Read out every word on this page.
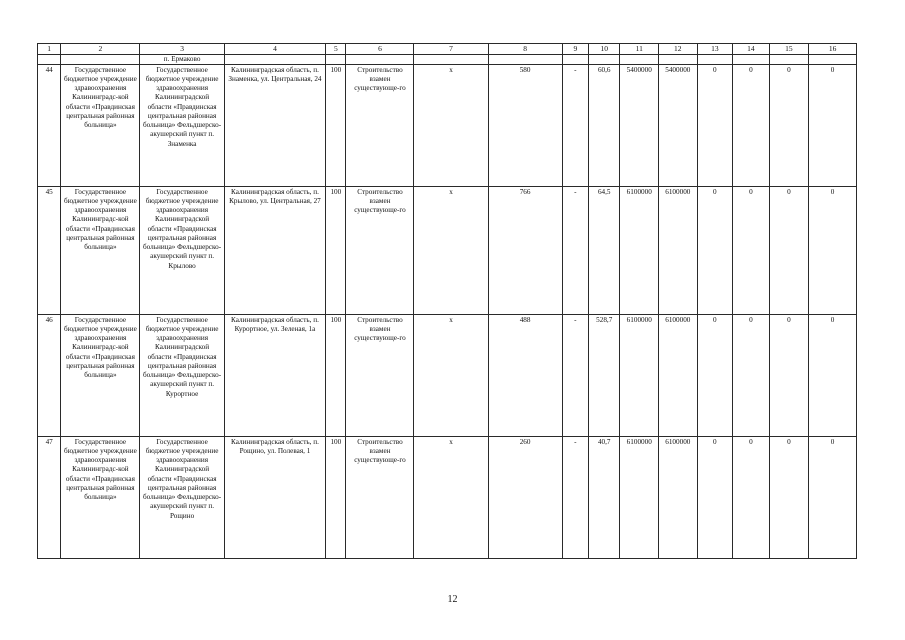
1	2	3	4	5	6	7	8	9	10	11	12	13	14	15	16
		п. Ермаково													
44	Государственное бюджетное учреждение здравоохранения Калининградс-кой области «Правдинская центральная районная больница»	Государственное бюджетное учреждение здравоохранения Калининградской области «Правдинская центральная районная больница» Фельдшерско-акушерский пункт п. Знаменка	Калининградская область, п. Знаменка, ул. Центральная, 24	100	Строительство взамен существующе-го	х	580	-	60,6	5400000	5400000	0	0	0	0
45	Государственное бюджетное учреждение здравоохранения Калининградс-кой области «Правдинская центральная районная больница»	Государственное бюджетное учреждение здравоохранения Калининградской области «Правдинская центральная районная больница» Фельдшерско-акушерский пункт п. Крылово	Калининградская область, п. Крылово, ул. Центральная, 27	100	Строительство взамен существующе-го	х	766	-	64,5	6100000	6100000	0	0	0	0
46	Государственное бюджетное учреждение здравоохранения Калининградс-кой области «Правдинская центральная районная больница»	Государственное бюджетное учреждение здравоохранения Калининградской области «Правдинская центральная районная больница» Фельдшерско-акушерский пункт п. Курортное	Калининградская область, п. Курортное, ул. Зеленая, 1а	100	Строительство взамен существующе-го	х	488	-	528,7	6100000	6100000	0	0	0	0
47	Государственное бюджетное учреждение здравоохранения Калининградс-кой области «Правдинская центральная районная больница»	Государственное бюджетное учреждение здравоохранения Калининградской области «Правдинская центральная районная больница» Фельдшерско-акушерский пункт п. Рощино	Калининградская область, п. Рощино, ул. Полевая, 1	100	Строительство взамен существующе-го	х	260	-	40,7	6100000	6100000	0	0	0	0
12
